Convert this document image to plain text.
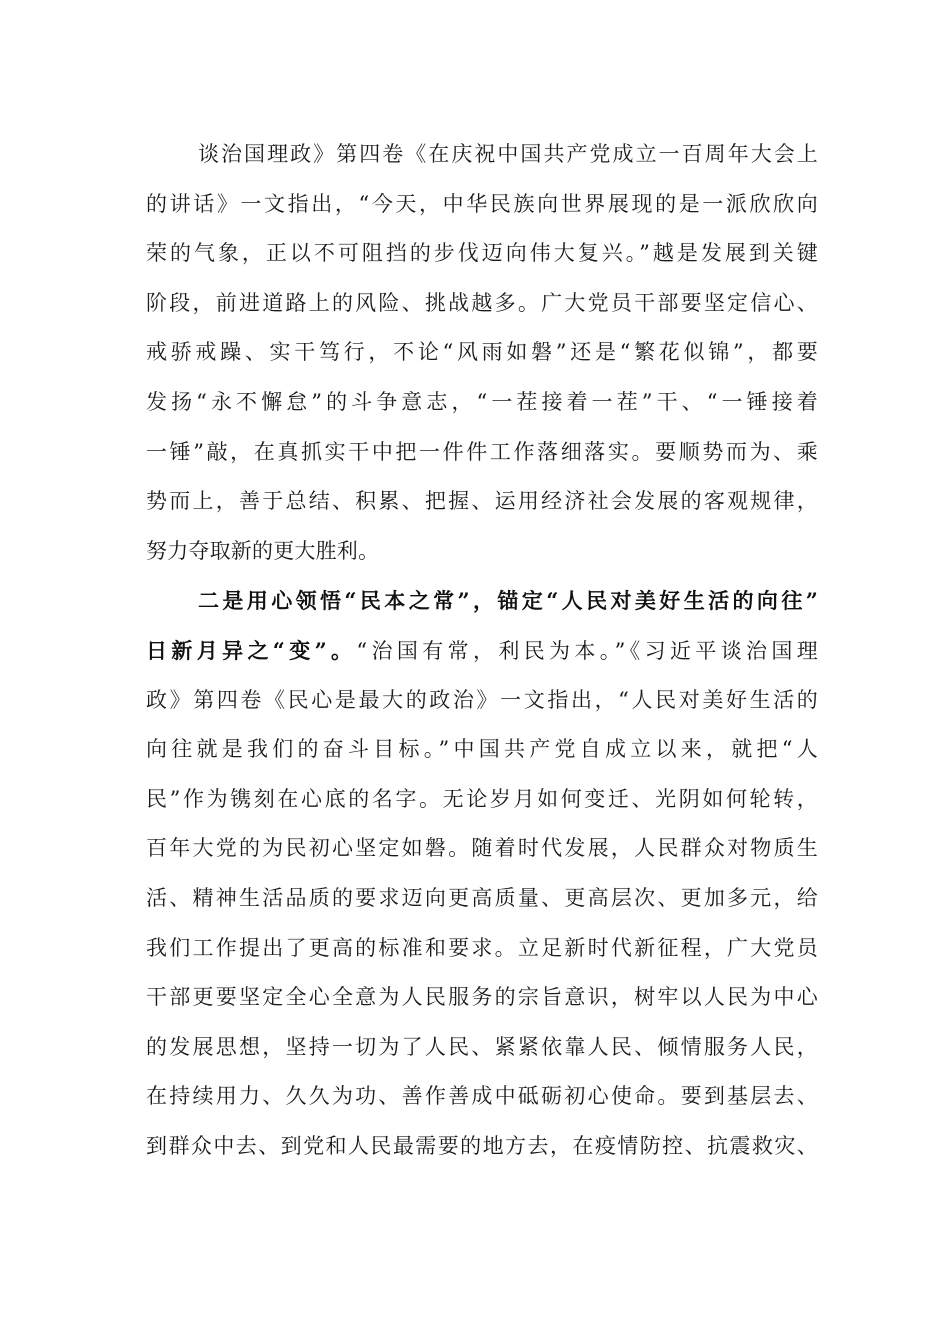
谈治国理政》第四卷《在庆祝中国共产党成立一百周年大会上
的讲话》一文指出，“今天，中华民族向世界展现的是一派欣欣向
荣的气象，正以不可阻挡的步伐迈向伟大复兴。”越是发展到关键
阶段，前进道路上的风险、挑战越多。广大党员干部要坚定信心、
戒骄戒躁、实干笃行，不论“风雨如磐”还是“繁花似锦”，都要
发扬“永不懈怠”的斗争意志，“一茬接着一茬”干、“一锤接着
一锤”敲，在真抓实干中把一件件工作落细落实。要顺势而为、乘
势而上，善于总结、积累、把握、运用经济社会发展的客观规律，
努力夺取新的更大胜利。
二是用心领悟“民本之常”，锚定“人民对美好生活的向往”
日新月异之“变”。“治国有常，利民为本。”《习近平谈治国理
政》第四卷《民心是最大的政治》一文指出，“人民对美好生活的
向往就是我们的奋斗目标。”中国共产党自成立以来，就把“人
民”作为镌刻在心底的名字。无论岁月如何变迁、光阴如何轮转，
百年大党的为民初心坚定如磐。随着时代发展，人民群众对物质生
活、精神生活品质的要求迈向更高质量、更高层次、更加多元，给
我们工作提出了更高的标准和要求。立足新时代新征程，广大党员
干部更要坚定全心全意为人民服务的宗旨意识，树牢以人民为中心
的发展思想，坚持一切为了人民、紧紧依靠人民、倾情服务人民，
在持续用力、久久为功、善作善成中砥砺初心使命。要到基层去、
到群众中去、到党和人民最需要的地方去，在疫情防控、抗震救灾、
